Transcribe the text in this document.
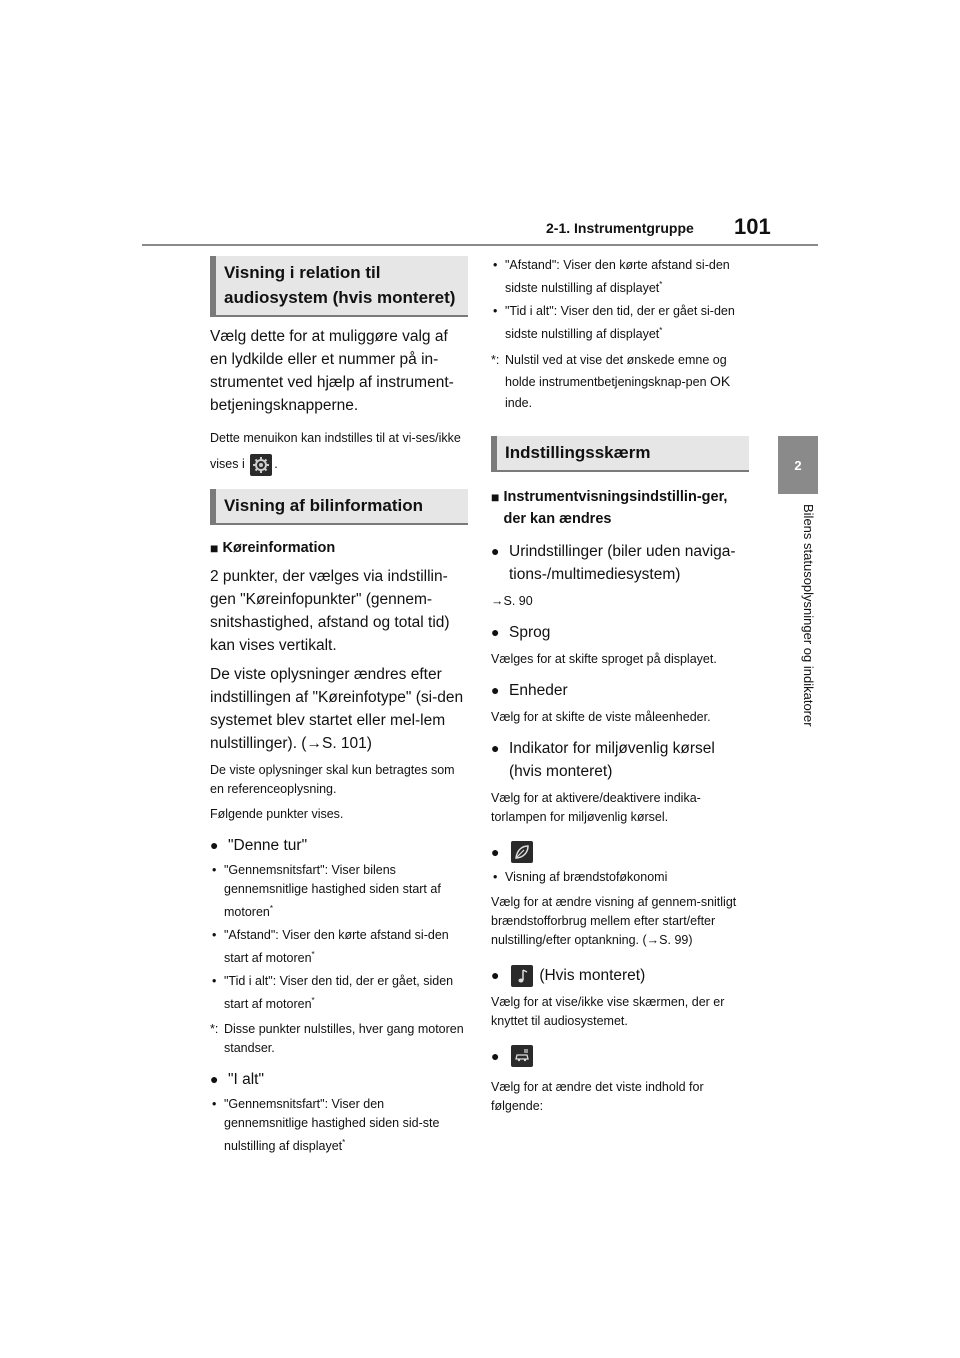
2-1. Instrumentgruppe 101
2
Bilens statusoplysninger og indikatorer
Visning i relation til audiosystem (hvis monteret)
Vælg dette for at muliggøre valg af en lydkilde eller et nummer på in-strumentet ved hjælp af instrument-betjeningsknapperne.
Dette menuikon kan indstilles til at vi-ses/ikke vises i .
Visning af bilinformation
■ Køreinformation
2 punkter, der vælges via indstillin-gen "Køreinfopunkter" (gennem-snitshastighed, afstand og total tid) kan vises vertikalt.
De viste oplysninger ændres efter indstillingen af "Køreinfotype" (si-den systemet blev startet eller mel-lem nulstillinger). (→S. 101)
De viste oplysninger skal kun betragtes som en referenceoplysning.
Følgende punkter vises.
● "Denne tur"
• "Gennemsnitsfart": Viser bilens gennemsnitlige hastighed siden start af motoren*
• "Afstand": Viser den kørte afstand si-den start af motoren*
• "Tid i alt": Viser den tid, der er gået, siden start af motoren*
*: Disse punkter nulstilles, hver gang motoren standser.
● "I alt"
• "Gennemsnitsfart": Viser den gennemsnitlige hastighed siden sid-ste nulstilling af displayet*
• "Afstand": Viser den kørte afstand si-den sidste nulstilling af displayet*
• "Tid i alt": Viser den tid, der er gået si-den sidste nulstilling af displayet*
*: Nulstil ved at vise det ønskede emne og holde instrumentbetjeningsknap-pen OK inde.
Indstillingsskærm
■ Instrumentvisningsindstillin-ger, der kan ændres
● Urindstillinger (biler uden naviga-tions-/multimediesystem)
→S. 90
● Sprog
Vælges for at skifte sproget på displayet.
● Enheder
Vælg for at skifte de viste måleenheder.
● Indikator for miljøvenlig kørsel (hvis monteret)
Vælg for at aktivere/deaktivere indika-torlampen for miljøvenlig kørsel.
●
• Visning af brændstoføkonomi
Vælg for at ændre visning af gennem-snitligt brændstofforbrug mellem efter start/efter nulstilling/efter optankning. (→S. 99)
●
	(Hvis monteret)
Vælg for at vise/ikke vise skærmen, der er knyttet til audiosystemet.
●
Vælg for at ændre det viste indhold for følgende:
